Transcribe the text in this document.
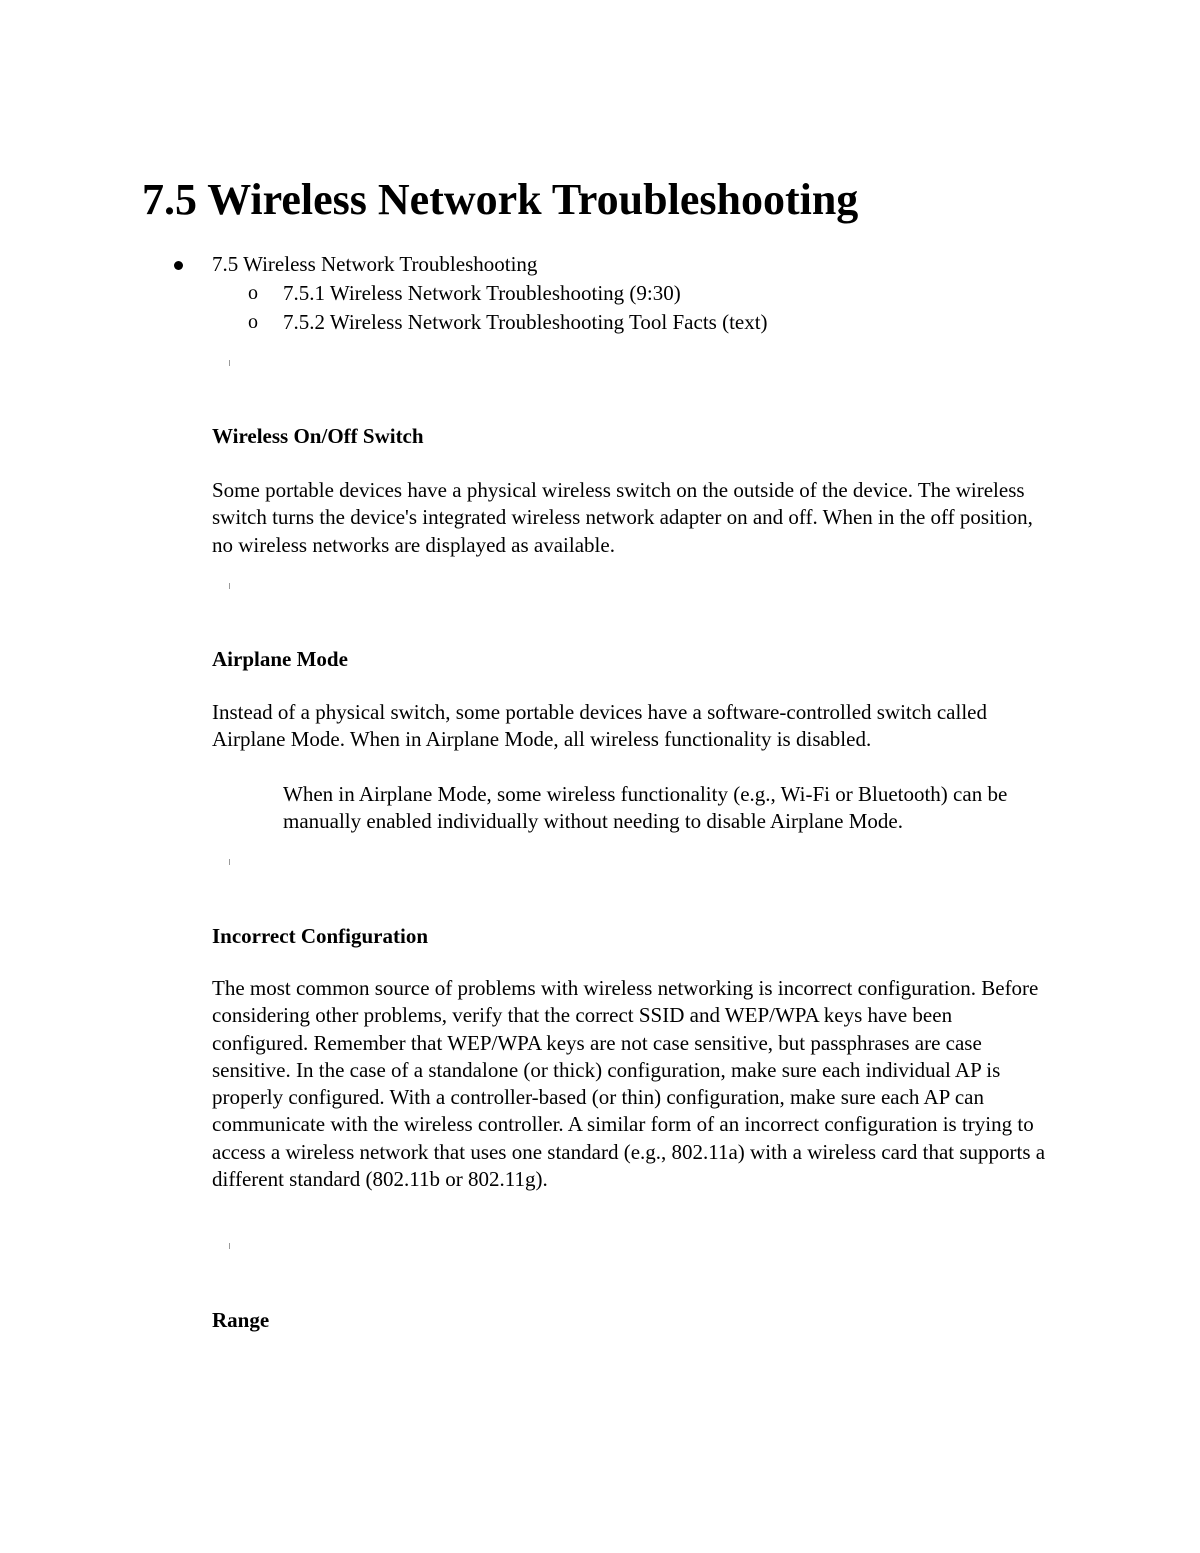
7.5 Wireless Network Troubleshooting
7.5 Wireless Network Troubleshooting
o 7.5.1 Wireless Network Troubleshooting (9:30)
o 7.5.2 Wireless Network Troubleshooting Tool Facts (text)
Wireless On/Off Switch

Some portable devices have a physical wireless switch on the outside of the device. The wireless switch turns the device's integrated wireless network adapter on and off. When in the off position, no wireless networks are displayed as available.

Airplane Mode

Instead of a physical switch, some portable devices have a software-controlled switch called Airplane Mode. When in Airplane Mode, all wireless functionality is disabled.

When in Airplane Mode, some wireless functionality (e.g., Wi-Fi or Bluetooth) can be manually enabled individually without needing to disable Airplane Mode.

Incorrect Configuration

The most common source of problems with wireless networking is incorrect configuration. Before considering other problems, verify that the correct SSID and WEP/WPA keys have been configured. Remember that WEP/WPA keys are not case sensitive, but passphrases are case sensitive. In the case of a standalone (or thick) configuration, make sure each individual AP is properly configured. With a controller-based (or thin) configuration, make sure each AP can communicate with the wireless controller. A similar form of an incorrect configuration is trying to access a wireless network that uses one standard (e.g., 802.11a) with a wireless card that supports a different standard (802.11b or 802.11g).

Range
